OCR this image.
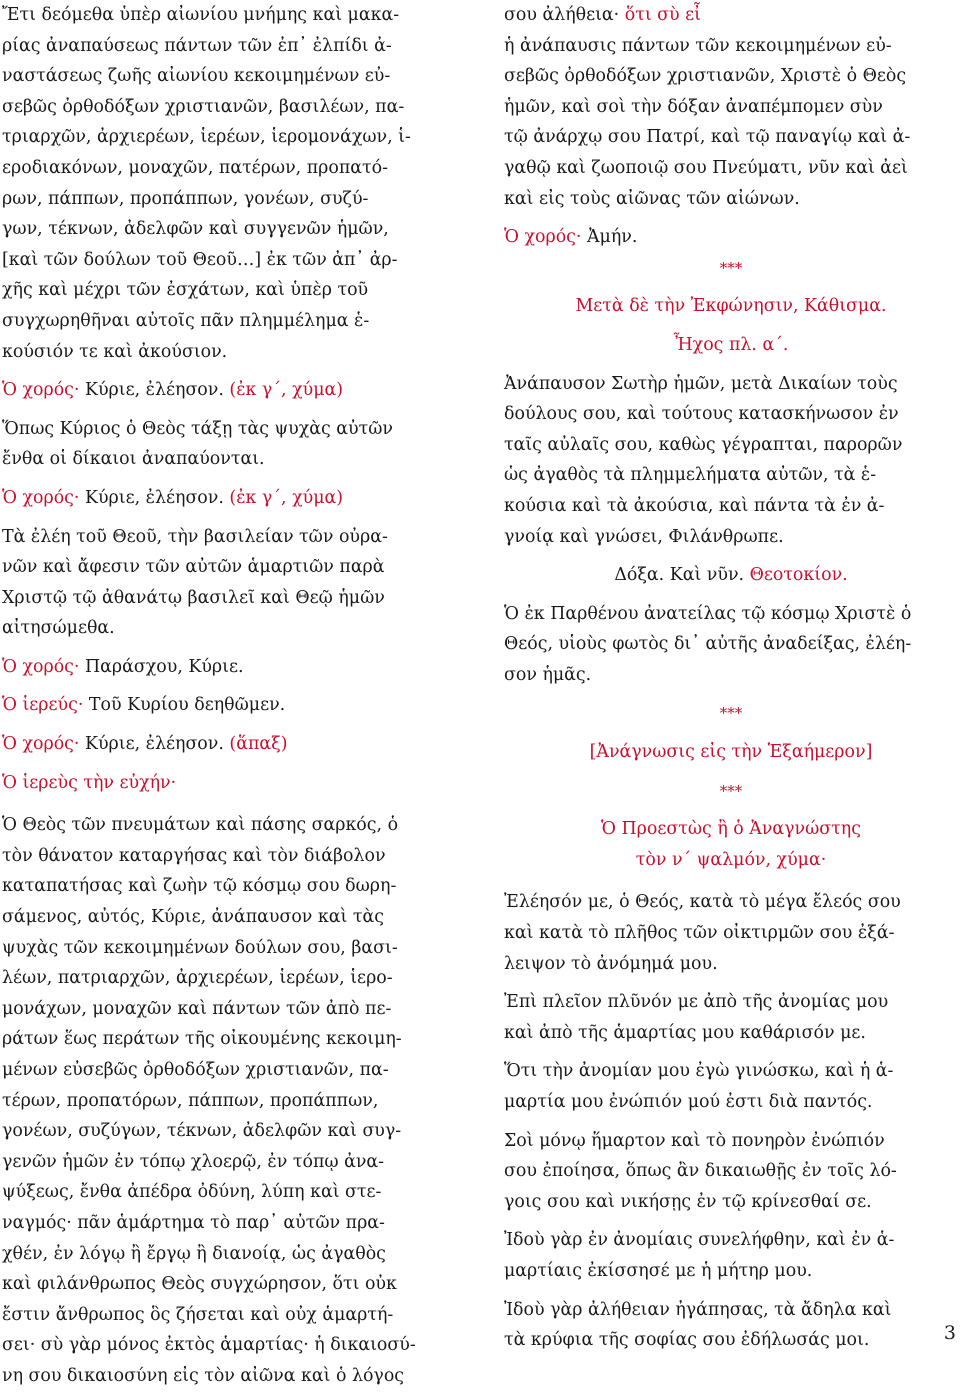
Ἔτι δεόμεθα ὑπὲρ αἰωνίου μνήμης καὶ μακα-

ρίας ἀναπαύσεως πάντων τῶν ἐπ᾿ ἐλπίδι ἀ-

ναστάσεως ζωῆς αἰωνίου κεκοιμημένων εὐ-

σεβῶς ὀρθοδόξων χριστιανῶν, βασιλέων, πα-

τριαρχῶν, ἀρχιερέων, ἱερέων, ἱερομονάχων, ἱ-

εροδιακόνων, μοναχῶν, πατέρων, προπατό-

ρων, πάππων, προπάππων, γονέων, συζύ-

γων, τέκνων, ἀδελφῶν καὶ συγγενῶν ἡμῶν,

[καὶ τῶν δούλων τοῦ Θεοῦ…] ἐκ τῶν ἀπ᾿ ἀρ-

χῆς καὶ μέχρι τῶν ἐσχάτων, καὶ ὑπὲρ τοῦ

συγχωρηθῆναι αὐτοῖς πᾶν πλημμέλημα ἑ-

κούσιόν τε καὶ ἀκούσιον.

Ὁ χορός· Κύριε, ἐλέησον. (ἐκ γ´, χύμα)

Ὅπως Κύριος ὁ Θεὸς τάξῃ τὰς ψυχὰς αὐτῶν

ἔνθα οἱ δίκαιοι ἀναπαύονται.

Ὁ χορός· Κύριε, ἐλέησον. (ἐκ γ´, χύμα)

Τὰ ἐλέη τοῦ Θεοῦ, τὴν βασιλείαν τῶν οὐρα-

νῶν καὶ ἄφεσιν τῶν αὐτῶν ἁμαρτιῶν παρὰ

Χριστῷ τῷ ἀθανάτῳ βασιλεῖ καὶ Θεῷ ἡμῶν

αἰτησώμεθα.

Ὁ χορός· Παράσχου, Κύριε.

Ὁ ἱερεύς· Τοῦ Κυρίου δεηθῶμεν.

Ὁ χορός· Κύριε, ἐλέησον. (ἅπαξ)

Ὁ ἱερεὺς τὴν εὐχήν·

Ὁ Θεὸς τῶν πνευμάτων καὶ πάσης σαρκός, ὁ

τὸν θάνατον καταργήσας καὶ τὸν διάβολον

καταπατήσας καὶ ζωὴν τῷ κόσμῳ σου δωρη-

σάμενος, αὐτός, Κύριε, ἀνάπαυσον καὶ τὰς

ψυχὰς τῶν κεκοιμημένων δούλων σου, βασι-

λέων, πατριαρχῶν, ἀρχιερέων, ἱερέων, ἱερο-

μονάχων, μοναχῶν καὶ πάντων τῶν ἀπὸ πε-

ράτων ἕως περάτων τῆς οἰκουμένης κεκοιμη-

μένων εὐσεβῶς ὀρθοδόξων χριστιανῶν, πα-

τέρων, προπατόρων, πάππων, προπάππων,

γονέων, συζύγων, τέκνων, ἀδελφῶν καὶ συγ-

γενῶν ἡμῶν ἐν τόπῳ χλοερῷ, ἐν τόπῳ ἀνα-

ψύξεως, ἔνθα ἀπέδρα ὀδύνη, λύπη καὶ στε-

ναγμός· πᾶν ἁμάρτημα τὸ παρ᾿ αὐτῶν πρα-

χθέν, ἐν λόγῳ ἢ ἔργῳ ἢ διανοίᾳ, ὡς ἀγαθὸς

καὶ φιλάνθρωπος Θεὸς συγχώρησον, ὅτι οὐκ

ἔστιν ἄνθρωπος ὃς ζήσεται καὶ οὐχ ἁμαρτή-

σει· σὺ γὰρ μόνος ἐκτὸς ἁμαρτίας· ἡ δικαιοσύ-

νη σου δικαιοσύνη εἰς τὸν αἰῶνα καὶ ὁ λόγος

σου ἀλήθεια· ὅτι σὺ εἶ

ἡ ἀνάπαυσις πάντων τῶν κεκοιμημένων εὐ-

σεβῶς ὀρθοδόξων χριστιανῶν, Χριστὲ ὁ Θεὸς

ἡμῶν, καὶ σοὶ τὴν δόξαν ἀναπέμπομεν σὺν

τῷ ἀνάρχῳ σου Πατρί, καὶ τῷ παναγίῳ καὶ ἀ-

γαθῷ καὶ ζωοποιῷ σου Πνεύματι, νῦν καὶ ἀεὶ

καὶ εἰς τοὺς αἰῶνας τῶν αἰώνων.

Ὁ χορός· Ἀμήν.

***

Μετὰ δὲ τὴν Ἐκφώνησιν, Κάθισμα.

Ἦχος πλ. α´.

Ἀνάπαυσον Σωτὴρ ἡμῶν, μετὰ Δικαίων τοὺς

δούλους σου, καὶ τούτους κατασκήνωσον ἐν

ταῖς αὐλαῖς σου, καθὼς γέγραπται, παρορῶν

ὡς ἀγαθὸς τὰ πλημμελήματα αὐτῶν, τὰ ἑ-

κούσια καὶ τὰ ἀκούσια, καὶ πάντα τὰ ἐν ἀ-

γνοίᾳ καὶ γνώσει, Φιλάνθρωπε.

Δόξα. Καὶ νῦν. Θεοτοκίον.

Ὁ ἐκ Παρθένου ἀνατείλας τῷ κόσμῳ Χριστὲ ὁ

Θεός, υἱοὺς φωτὸς δι᾿ αὐτῆς ἀναδείξας, ἐλέη-

σον ἡμᾶς.

***

[Ἀνάγνωσις εἰς τὴν Ἑξαήμερον]

***

Ὁ Προεστὼς ἢ ὁ Ἀναγνώστης

τὸν ν´ ψαλμόν, χύμα·

Ἐλέησόν με, ὁ Θεός, κατὰ τὸ μέγα ἔλεός σου

καὶ κατὰ τὸ πλῆθος τῶν οἰκτιρμῶν σου ἐξά-

λειψον τὸ ἀνόμημά μου.

Ἐπὶ πλεῖον πλῦνόν με ἀπὸ τῆς ἀνομίας μου

καὶ ἀπὸ τῆς ἁμαρτίας μου καθάρισόν με.

Ὅτι τὴν ἀνομίαν μου ἐγὼ γινώσκω, καὶ ἡ ἁ-

μαρτία μου ἐνώπιόν μού ἐστι διὰ παντός.

Σοὶ μόνῳ ἥμαρτον καὶ τὸ πονηρὸν ἐνώπιόν

σου ἐποίησα, ὅπως ἂν δικαιωθῇς ἐν τοῖς λό-

γοις σου καὶ νικήσῃς ἐν τῷ κρίνεσθαί σε.

Ἰδοὺ γὰρ ἐν ἀνομίαις συνελήφθην, καὶ ἐν ἁ-

μαρτίαις ἐκίσσησέ με ἡ μήτηρ μου.

Ἰδοὺ γὰρ ἀλήθειαν ἠγάπησας, τὰ ἄδηλα καὶ

τὰ κρύφια τῆς σοφίας σου ἐδήλωσάς μοι.	3
